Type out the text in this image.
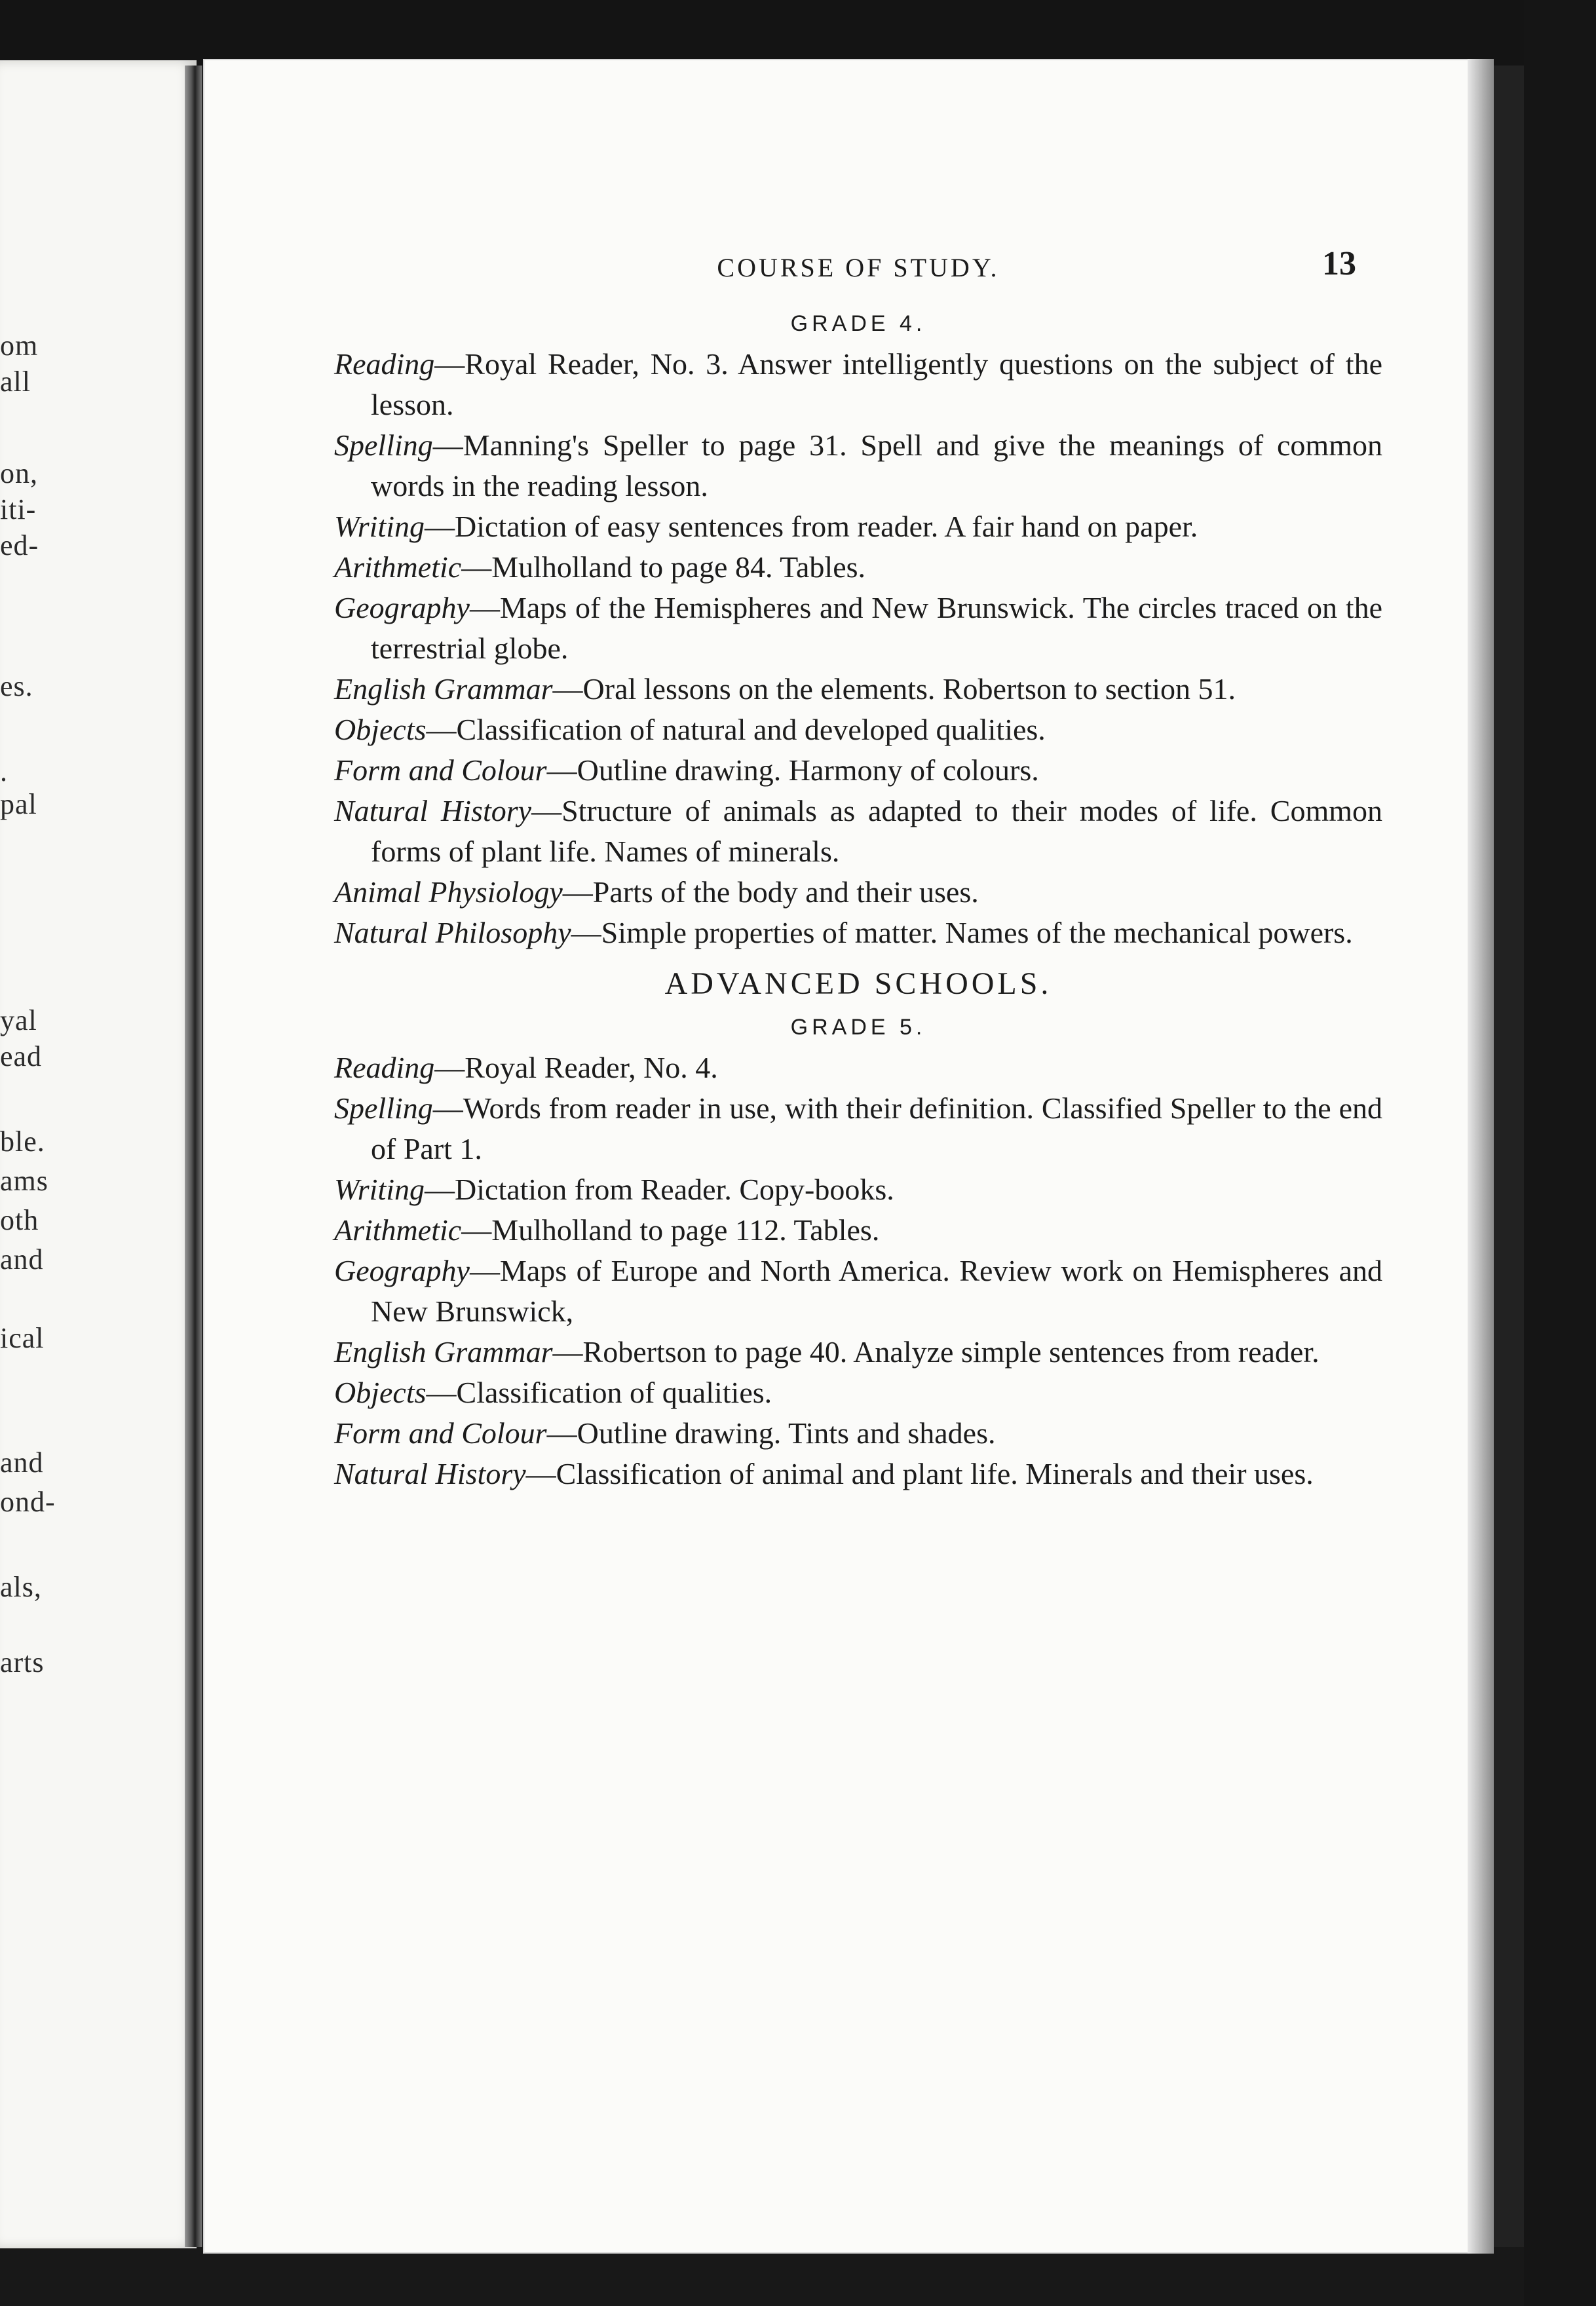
om
all
on,
iti-
ed-
es.
.
pal
yal
ead
ble.
ams
oth
and
ical
and
ond-
als,
arts
COURSE OF STUDY.	13
GRADE 4.

Reading—Royal Reader, No. 3. Answer intelligently questions on the subject of the lesson.

Spelling—Manning's Speller to page 31. Spell and give the meanings of common words in the reading lesson.

Writing—Dictation of easy sentences from reader. A fair hand on paper.

Arithmetic—Mulholland to page 84. Tables.

Geography—Maps of the Hemispheres and New Brunswick. The circles traced on the terrestrial globe.

English Grammar—Oral lessons on the elements. Robertson to section 51.

Objects—Classification of natural and developed qualities.

Form and Colour—Outline drawing. Harmony of colours.

Natural History—Structure of animals as adapted to their modes of life. Common forms of plant life. Names of minerals.

Animal Physiology—Parts of the body and their uses.

Natural Philosophy—Simple properties of matter. Names of the mechanical powers.

ADVANCED SCHOOLS.
GRADE 5.

Reading—Royal Reader, No. 4.

Spelling—Words from reader in use, with their definition. Classified Speller to the end of Part 1.

Writing—Dictation from Reader. Copy-books.

Arithmetic—Mulholland to page 112. Tables.

Geography—Maps of Europe and North America. Review work on Hemispheres and New Brunswick,

English Grammar—Robertson to page 40. Analyze simple sentences from reader.

Objects—Classification of qualities.

Form and Colour—Outline drawing. Tints and shades.

Natural History—Classification of animal and plant life. Minerals and their uses.
